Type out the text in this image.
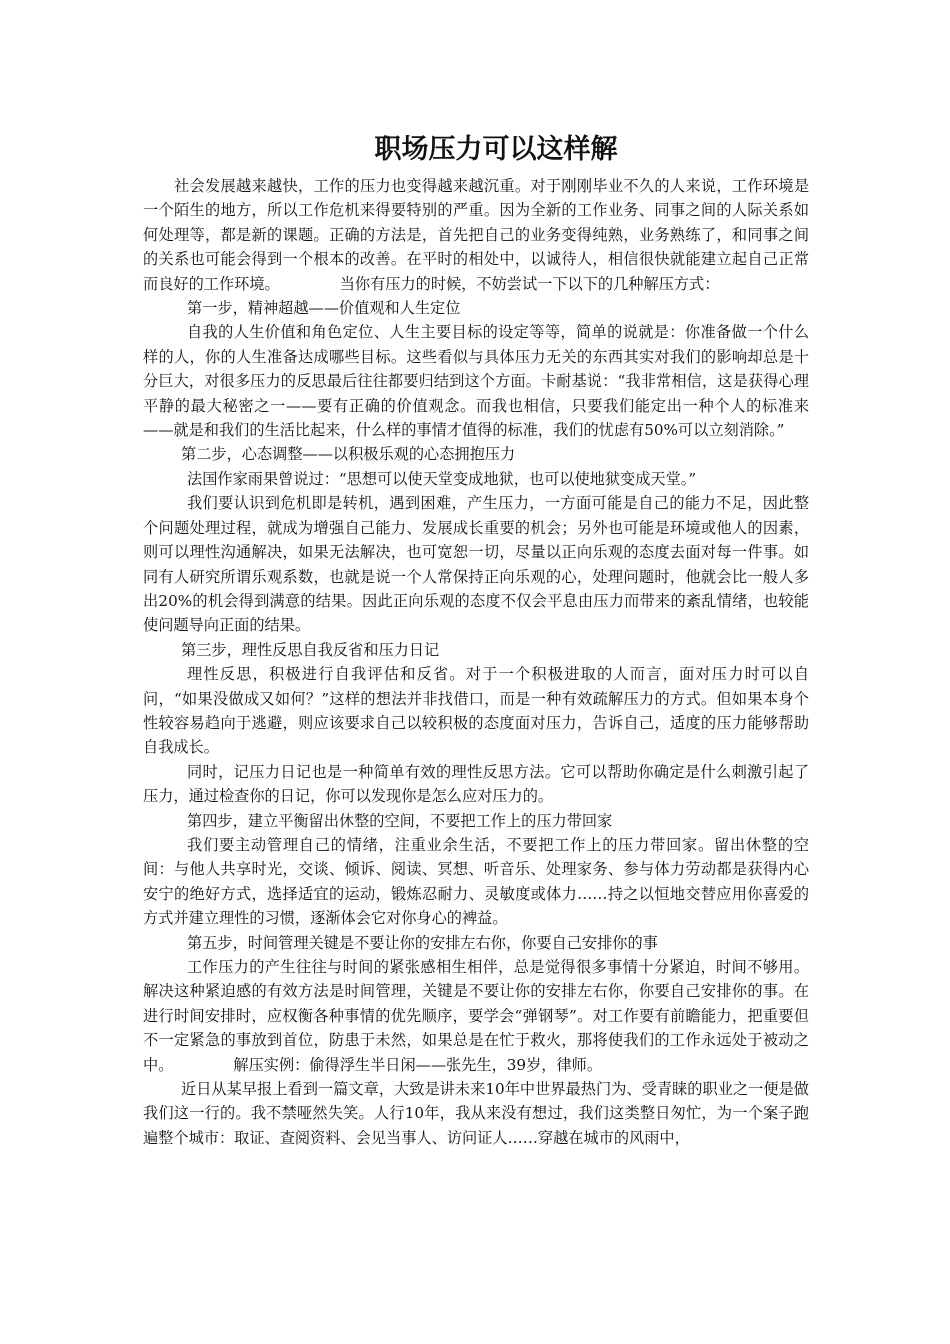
职场压力可以这样解

社会发展越来越快，工作的压力也变得越来越沉重。对于刚刚毕业不久的人来说，工作环境是一个陌生的地方，所以工作危机来得要特别的严重。因为全新的工作业务、同事之间的人际关系如何处理等，都是新的课题。正确的方法是，首先把自己的业务变得纯熟，业务熟练了，和同事之间的关系也可能会得到一个根本的改善。在平时的相处中，以诚待人，相信很快就能建立起自己正常而良好的工作环境。	当你有压力的时候，不妨尝试一下以下的几种解压方式：

第一步，精神超越——价值观和人生定位

自我的人生价值和角色定位、人生主要目标的设定等等，简单的说就是：你准备做一个什么样的人，你的人生准备达成哪些目标。这些看似与具体压力无关的东西其实对我们的影响却总是十分巨大，对很多压力的反思最后往往都要归结到这个方面。卡耐基说：“我非常相信，这是获得心理平静的最大秘密之一——要有正确的价值观念。而我也相信，只要我们能定出一种个人的标准来——就是和我们的生活比起来，什么样的事情才值得的标准，我们的忧虑有50%可以立刻消除。”

第二步，心态调整——以积极乐观的心态拥抱压力

法国作家雨果曾说过：“思想可以使天堂变成地狱，也可以使地狱变成天堂。”

我们要认识到危机即是转机，遇到困难，产生压力，一方面可能是自己的能力不足，因此整个问题处理过程，就成为增强自己能力、发展成长重要的机会；另外也可能是环境或他人的因素，则可以理性沟通解决，如果无法解决，也可宽恕一切，尽量以正向乐观的态度去面对每一件事。如同有人研究所谓乐观系数，也就是说一个人常保持正向乐观的心，处理问题时，他就会比一般人多出20%的机会得到满意的结果。因此正向乐观的态度不仅会平息由压力而带来的紊乱情绪，也较能使问题导向正面的结果。

第三步，理性反思自我反省和压力日记

理性反思，积极进行自我评估和反省。对于一个积极进取的人而言，面对压力时可以自问，“如果没做成又如何？”这样的想法并非找借口，而是一种有效疏解压力的方式。但如果本身个性较容易趋向于逃避，则应该要求自己以较积极的态度面对压力，告诉自己，适度的压力能够帮助自我成长。

同时，记压力日记也是一种简单有效的理性反思方法。它可以帮助你确定是什么刺激引起了压力，通过检查你的日记，你可以发现你是怎么应对压力的。

第四步，建立平衡留出休整的空间，不要把工作上的压力带回家

我们要主动管理自己的情绪，注重业余生活，不要把工作上的压力带回家。留出休整的空间：与他人共享时光，交谈、倾诉、阅读、冥想、听音乐、处理家务、参与体力劳动都是获得内心安宁的绝好方式，选择适宜的运动，锻炼忍耐力、灵敏度或体力……持之以恒地交替应用你喜爱的方式并建立理性的习惯，逐渐体会它对你身心的裨益。

第五步，时间管理关键是不要让你的安排左右你，你要自己安排你的事

工作压力的产生往往与时间的紧张感相生相伴，总是觉得很多事情十分紧迫，时间不够用。解决这种紧迫感的有效方法是时间管理，关键是不要让你的安排左右你，你要自己安排你的事。在进行时间安排时，应权衡各种事情的优先顺序，要学会“弹钢琴”。对工作要有前瞻能力，把重要但不一定紧急的事放到首位，防患于未然，如果总是在忙于救火，那将使我们的工作永远处于被动之中。	解压实例：偷得浮生半日闲——张先生，39岁，律师。

近日从某早报上看到一篇文章，大致是讲未来10年中世界最热门为、受青睐的职业之一便是做我们这一行的。我不禁哑然失笑。人行10年，我从来没有想过，我们这类整日匆忙，为一个案子跑遍整个城市：取证、查阅资料、会见当事人、访问证人……穿越在城市的风雨中，
